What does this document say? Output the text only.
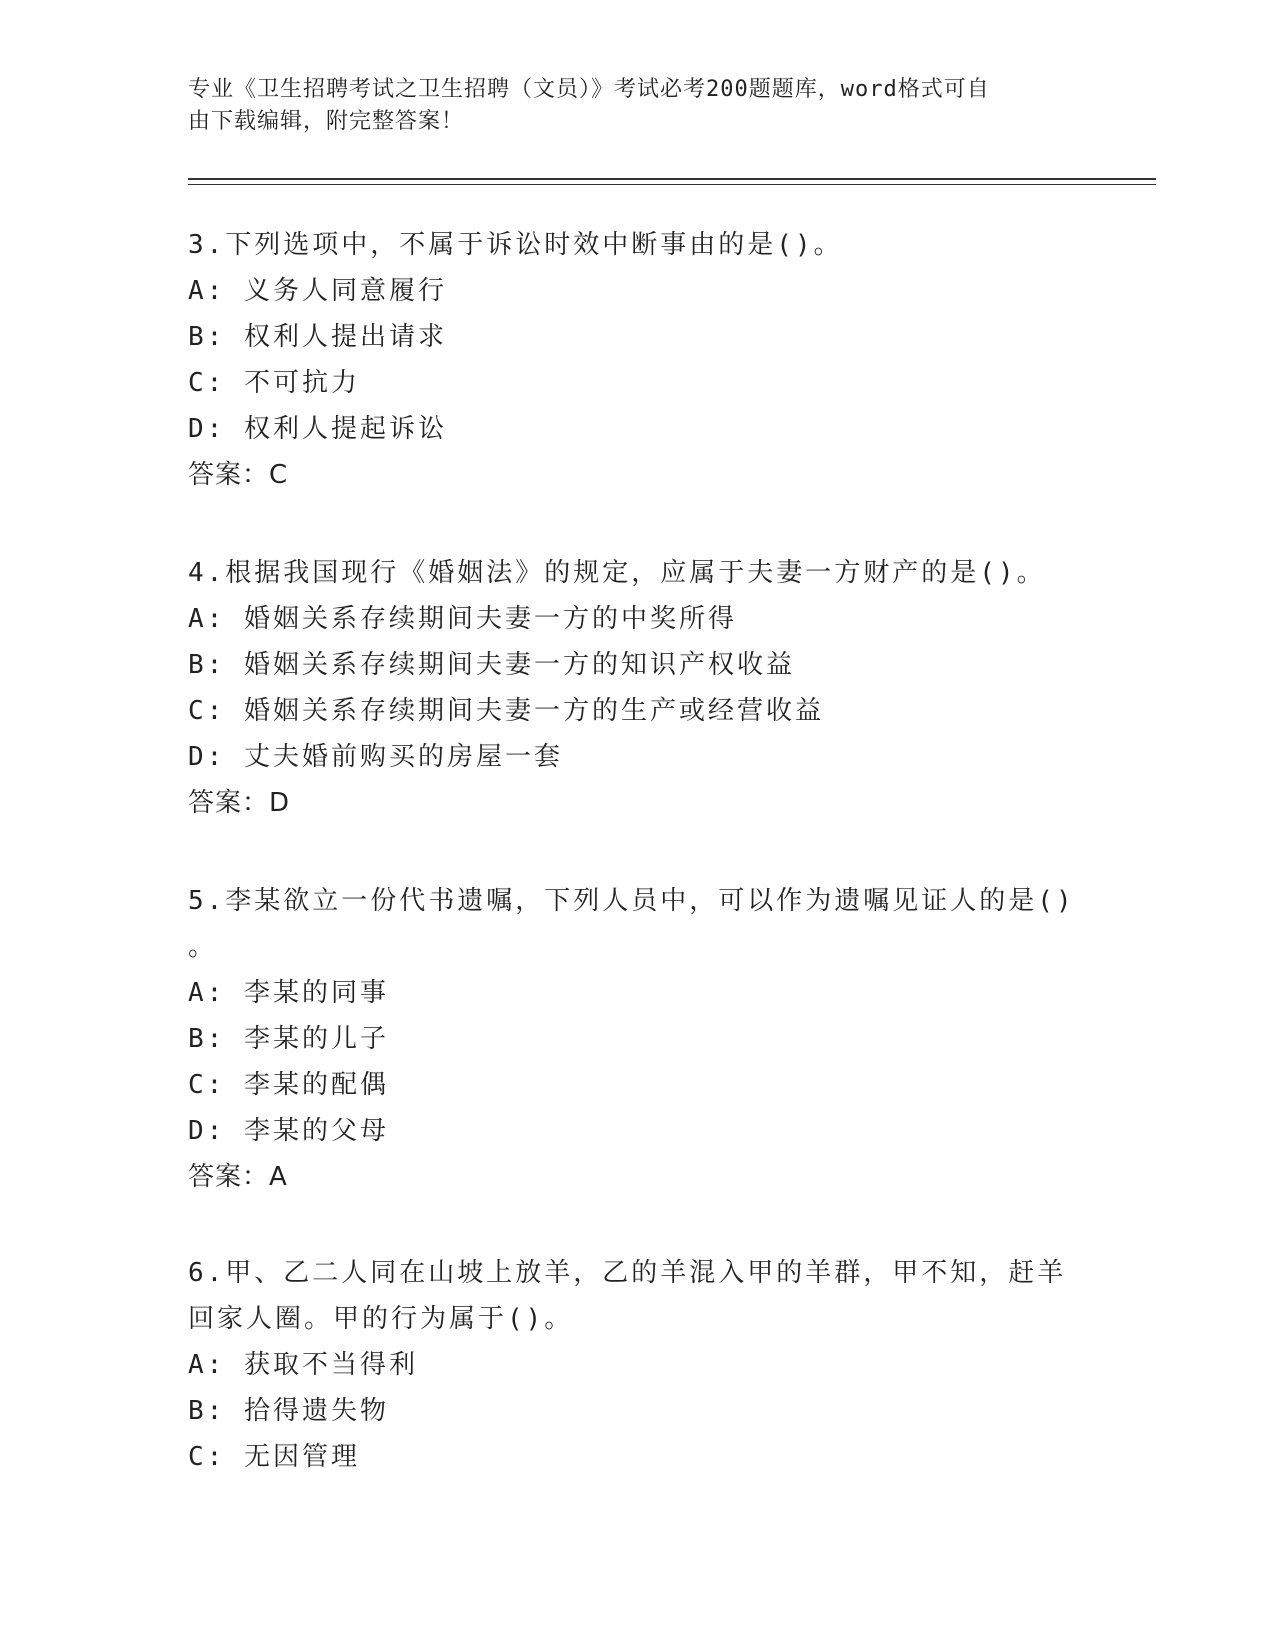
专业《卫生招聘考试之卫生招聘（文员）》考试必考200题题库，word格式可自
由下载编辑，附完整答案！
3.下列选项中，不属于诉讼时效中断事由的是()。
A: 义务人同意履行
B: 权利人提出请求
C: 不可抗力
D: 权利人提起诉讼
答案：C
4.根据我国现行《婚姻法》的规定，应属于夫妻一方财产的是()。
A: 婚姻关系存续期间夫妻一方的中奖所得
B: 婚姻关系存续期间夫妻一方的知识产权收益
C: 婚姻关系存续期间夫妻一方的生产或经营收益
D: 丈夫婚前购买的房屋一套
答案：D
5.李某欲立一份代书遗嘱，下列人员中，可以作为遗嘱见证人的是()
。
A: 李某的同事
B: 李某的儿子
C: 李某的配偶
D: 李某的父母
答案：A
6.甲、乙二人同在山坡上放羊，乙的羊混入甲的羊群，甲不知，赶羊
回家人圈。甲的行为属于()。
A: 获取不当得利
B: 拾得遗失物
C: 无因管理
